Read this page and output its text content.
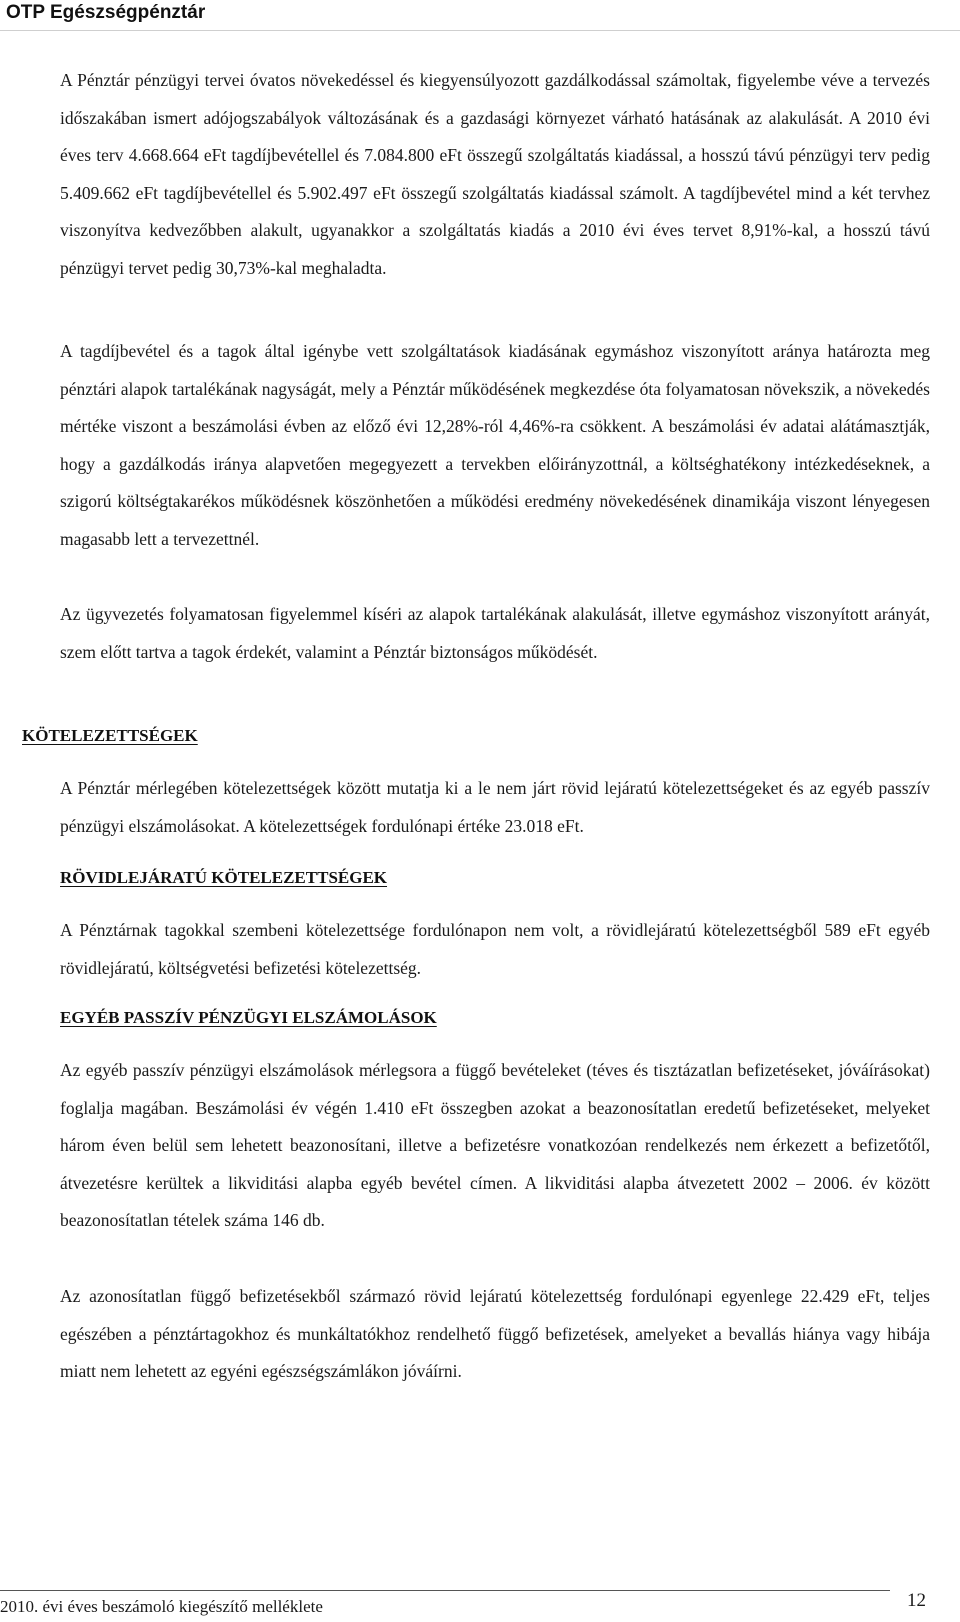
OTP Egészségpénztár

A Pénztár pénzügyi tervei óvatos növekedéssel és kiegyensúlyozott gazdálkodással számoltak, figyelembe véve a tervezés időszakában ismert adójogszabályok változásának és a gazdasági környezet várható hatásának az alakulását. A 2010 évi éves terv 4.668.664 eFt tagdíjbevétellel és 7.084.800 eFt összegű szolgáltatás kiadással, a hosszú távú pénzügyi terv pedig 5.409.662 eFt tagdíjbevétellel és 5.902.497 eFt összegű szolgáltatás kiadással számolt. A tagdíjbevétel mind a két tervhez viszonyítva kedvezőbben alakult, ugyanakkor a szolgáltatás kiadás a 2010 évi éves tervet 8,91%-kal, a hosszú távú pénzügyi tervet pedig 30,73%-kal meghaladta.

A tagdíjbevétel és a tagok által igénybe vett szolgáltatások kiadásának egymáshoz viszonyított aránya határozta meg pénztári alapok tartalékának nagyságát, mely a Pénztár működésének megkezdése óta folyamatosan növekszik, a növekedés mértéke viszont a beszámolási évben az előző évi 12,28%-ról 4,46%-ra csökkent. A beszámolási év adatai alátámasztják, hogy a gazdálkodás iránya alapvetően megegyezett a tervekben előirányzottnál, a költséghatékony intézkedéseknek, a szigorú költségtakarékos működésnek köszönhetően a működési eredmény növekedésének dinamikája viszont lényegesen magasabb lett a tervezettnél.

Az ügyvezetés folyamatosan figyelemmel kíséri az alapok tartalékának alakulását, illetve egymáshoz viszonyított arányát, szem előtt tartva a tagok érdekét, valamint a Pénztár biztonságos működését.

KÖTELEZETTSÉGEK

A Pénztár mérlegében kötelezettségek között mutatja ki a le nem járt rövid lejáratú kötelezettségeket és az egyéb passzív pénzügyi elszámolásokat. A kötelezettségek fordulónapi értéke 23.018 eFt.

RÖVIDLEJÁRATÚ KÖTELEZETTSÉGEK

A Pénztárnak tagokkal szembeni kötelezettsége fordulónapon nem volt, a rövidlejáratú kötelezettségből 589 eFt egyéb rövidlejáratú, költségvetési befizetési kötelezettség.

EGYÉB PASSZÍV PÉNZÜGYI ELSZÁMOLÁSOK

Az egyéb passzív pénzügyi elszámolások mérlegsora a függő bevételeket (téves és tisztázatlan befizetéseket, jóváírásokat) foglalja magában. Beszámolási év végén 1.410 eFt összegben azokat a beazonosítatlan eredetű befizetéseket, melyeket három éven belül sem lehetett beazonosítani, illetve a befizetésre vonatkozóan rendelkezés nem érkezett a befizetőtől, átvezetésre kerültek a likviditási alapba egyéb bevétel címen. A likviditási alapba átvezetett 2002 – 2006. év között beazonosítatlan tételek száma 146 db.

Az azonosítatlan függő befizetésekből származó rövid lejáratú kötelezettség fordulónapi egyenlege 22.429 eFt, teljes egészében a pénztártagokhoz és munkáltatókhoz rendelhető függő befizetések, amelyeket a bevallás hiánya vagy hibája miatt nem lehetett az egyéni egészségszámlákon jóváírni.

2010. évi éves beszámoló kiegészítő melléklete	12
